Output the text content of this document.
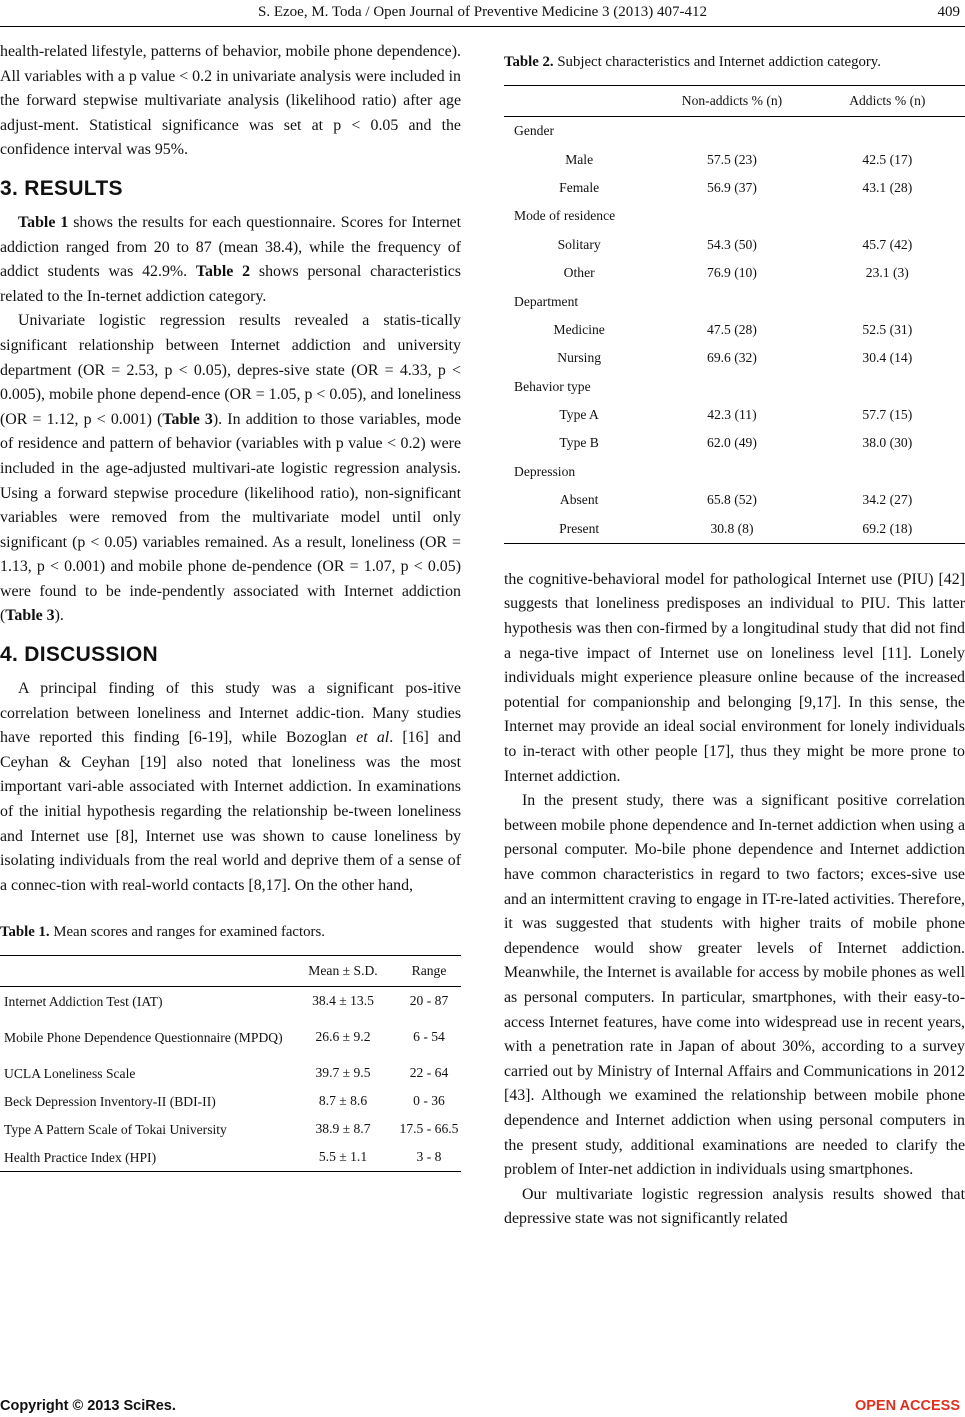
S. Ezoe, M. Toda / Open Journal of Preventive Medicine 3 (2013) 407-412	409

health-related lifestyle, patterns of behavior, mobile phone dependence). All variables with a p value < 0.2 in univariate analysis were included in the forward stepwise multivariate analysis (likelihood ratio) after age adjust-ment. Statistical significance was set at p < 0.05 and the confidence interval was 95%.

3. RESULTS

Table 1 shows the results for each questionnaire. Scores for Internet addiction ranged from 20 to 87 (mean 38.4), while the frequency of addict students was 42.9%. Table 2 shows personal characteristics related to the In-ternet addiction category.

Univariate logistic regression results revealed a statis-tically significant relationship between Internet addiction and university department (OR = 2.53, p < 0.05), depres-sive state (OR = 4.33, p < 0.005), mobile phone depend-ence (OR = 1.05, p < 0.05), and loneliness (OR = 1.12, p < 0.001) (Table 3). In addition to those variables, mode of residence and pattern of behavior (variables with p value < 0.2) were included in the age-adjusted multivari-ate logistic regression analysis. Using a forward stepwise procedure (likelihood ratio), non-significant variables were removed from the multivariate model until only significant (p < 0.05) variables remained. As a result, loneliness (OR = 1.13, p < 0.001) and mobile phone de-pendence (OR = 1.07, p < 0.05) were found to be inde-pendently associated with Internet addiction (Table 3).

4. DISCUSSION

A principal finding of this study was a significant pos-itive correlation between loneliness and Internet addic-tion. Many studies have reported this finding [6-19], while Bozoglan et al. [16] and Ceyhan & Ceyhan [19] also noted that loneliness was the most important vari-able associated with Internet addiction. In examinations of the initial hypothesis regarding the relationship be-tween loneliness and Internet use [8], Internet use was shown to cause loneliness by isolating individuals from the real world and deprive them of a sense of a connec-tion with real-world contacts [8,17]. On the other hand,

Table 1. Mean scores and ranges for examined factors.
	Mean ± S.D.	Range
Internet Addiction Test (IAT)	38.4 ± 13.5	20 - 87
Mobile Phone Dependence Questionnaire (MPDQ)	26.6 ± 9.2	6 - 54
UCLA Loneliness Scale	39.7 ± 9.5	22 - 64
Beck Depression Inventory-II (BDI-II)	8.7 ± 8.6	0 - 36
Type A Pattern Scale of Tokai University	38.9 ± 8.7	17.5 - 66.5
Health Practice Index (HPI)	5.5 ± 1.1	3 - 8
Table 2. Subject characteristics and Internet addiction category.
	Non-addicts % (n)	Addicts % (n)
Gender		
Male	57.5 (23)	42.5 (17)
Female	56.9 (37)	43.1 (28)
Mode of residence		
Solitary	54.3 (50)	45.7 (42)
Other	76.9 (10)	23.1 (3)
Department		
Medicine	47.5 (28)	52.5 (31)
Nursing	69.6 (32)	30.4 (14)
Behavior type		
Type A	42.3 (11)	57.7 (15)
Type B	62.0 (49)	38.0 (30)
Depression		
Absent	65.8 (52)	34.2 (27)
Present	30.8 (8)	69.2 (18)

the cognitive-behavioral model for pathological Internet use (PIU) [42] suggests that loneliness predisposes an individual to PIU. This latter hypothesis was then con-firmed by a longitudinal study that did not find a nega-tive impact of Internet use on loneliness level [11]. Lonely individuals might experience pleasure online because of the increased potential for companionship and belonging [9,17]. In this sense, the Internet may provide an ideal social environment for lonely individuals to in-teract with other people [17], thus they might be more prone to Internet addiction.

In the present study, there was a significant positive correlation between mobile phone dependence and In-ternet addiction when using a personal computer. Mo-bile phone dependence and Internet addiction have common characteristics in regard to two factors; exces-sive use and an intermittent craving to engage in IT-re-lated activities. Therefore, it was suggested that students with higher traits of mobile phone dependence would show greater levels of Internet addiction. Meanwhile, the Internet is available for access by mobile phones as well as personal computers. In particular, smartphones, with their easy-to-access Internet features, have come into widespread use in recent years, with a penetration rate in Japan of about 30%, according to a survey carried out by Ministry of Internal Affairs and Communications in 2012 [43]. Although we examined the relationship between mobile phone dependence and Internet addiction when using personal computers in the present study, additional examinations are needed to clarify the problem of Inter-net addiction in individuals using smartphones.

Our multivariate logistic regression analysis results showed that depressive state was not significantly related

Copyright © 2013 SciRes.	OPEN ACCESS
